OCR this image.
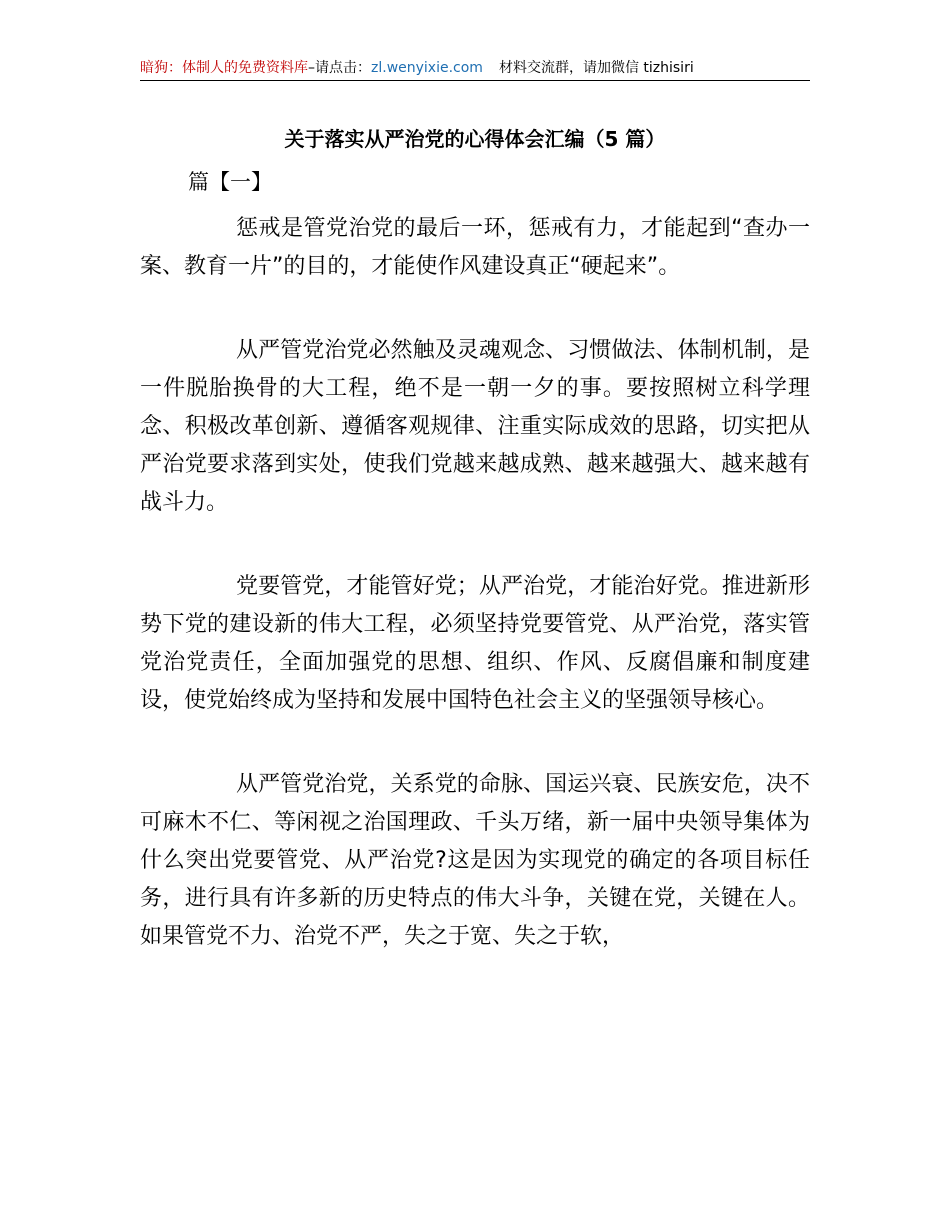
暗狗：体制人的免费资料库–请点击：zl.wenyixie.com 材料交流群，请加微信 tizhisiri
关于落实从严治党的心得体会汇编（5 篇）
篇【一】

惩戒是管党治党的最后一环，惩戒有力，才能起到“查办一案、教育一片”的目的，才能使作风建设真正“硬起来”。

从严管党治党必然触及灵魂观念、习惯做法、体制机制，是一件脱胎换骨的大工程，绝不是一朝一夕的事。要按照树立科学理念、积极改革创新、遵循客观规律、注重实际成效的思路，切实把从严治党要求落到实处，使我们党越来越成熟、越来越强大、越来越有战斗力。

党要管党，才能管好党；从严治党，才能治好党。推进新形势下党的建设新的伟大工程，必须坚持党要管党、从严治党，落实管党治党责任，全面加强党的思想、组织、作风、反腐倡廉和制度建设，使党始终成为坚持和发展中国特色社会主义的坚强领导核心。

从严管党治党，关系党的命脉、国运兴衰、民族安危，决不可麻木不仁、等闲视之治国理政、千头万绪，新一届中央领导集体为什么突出党要管党、从严治党?这是因为实现党的确定的各项目标任务，进行具有许多新的历史特点的伟大斗争，关键在党，关键在人。如果管党不力、治党不严，失之于宽、失之于软，
